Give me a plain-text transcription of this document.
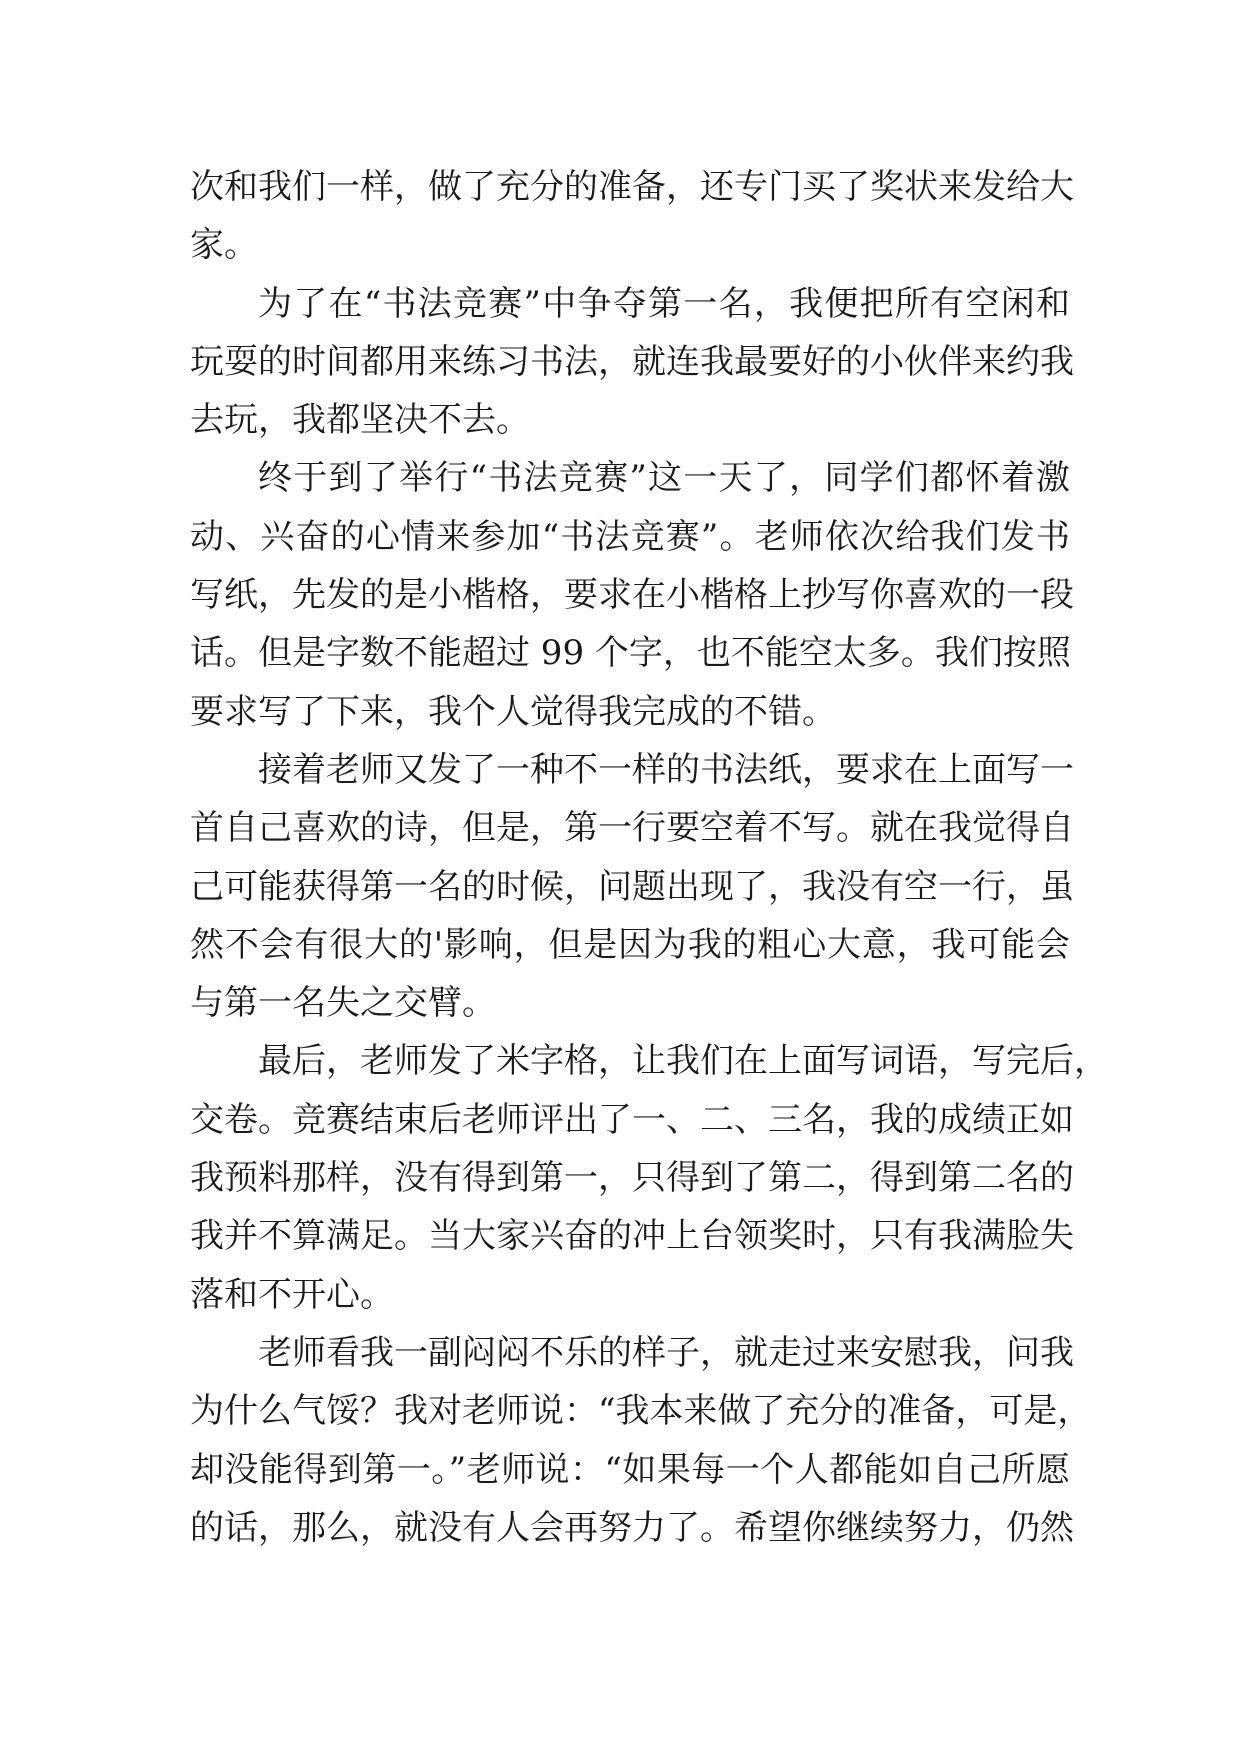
次和我们一样，做了充分的准备，还专门买了奖状来发给大
家。
为了在“书法竞赛”中争夺第一名，我便把所有空闲和
玩耍的时间都用来练习书法，就连我最要好的小伙伴来约我
去玩，我都坚决不去。
终于到了举行“书法竞赛”这一天了，同学们都怀着激
动、兴奋的心情来参加“书法竞赛”。老师依次给我们发书
写纸，先发的是小楷格，要求在小楷格上抄写你喜欢的一段
话。但是字数不能超过 99 个字，也不能空太多。我们按照
要求写了下来，我个人觉得我完成的不错。
接着老师又发了一种不一样的书法纸，要求在上面写一
首自己喜欢的诗，但是，第一行要空着不写。就在我觉得自
己可能获得第一名的时候，问题出现了，我没有空一行，虽
然不会有很大的'影响，但是因为我的粗心大意，我可能会
与第一名失之交臂。
最后，老师发了米字格，让我们在上面写词语，写完后，
交卷。竞赛结束后老师评出了一、二、三名，我的成绩正如
我预料那样，没有得到第一，只得到了第二，得到第二名的
我并不算满足。当大家兴奋的冲上台领奖时，只有我满脸失
落和不开心。
老师看我一副闷闷不乐的样子，就走过来安慰我，问我
为什么气馁？我对老师说：“我本来做了充分的准备，可是，
却没能得到第一。”老师说：“如果每一个人都能如自己所愿
的话，那么，就没有人会再努力了。希望你继续努力，仍然
